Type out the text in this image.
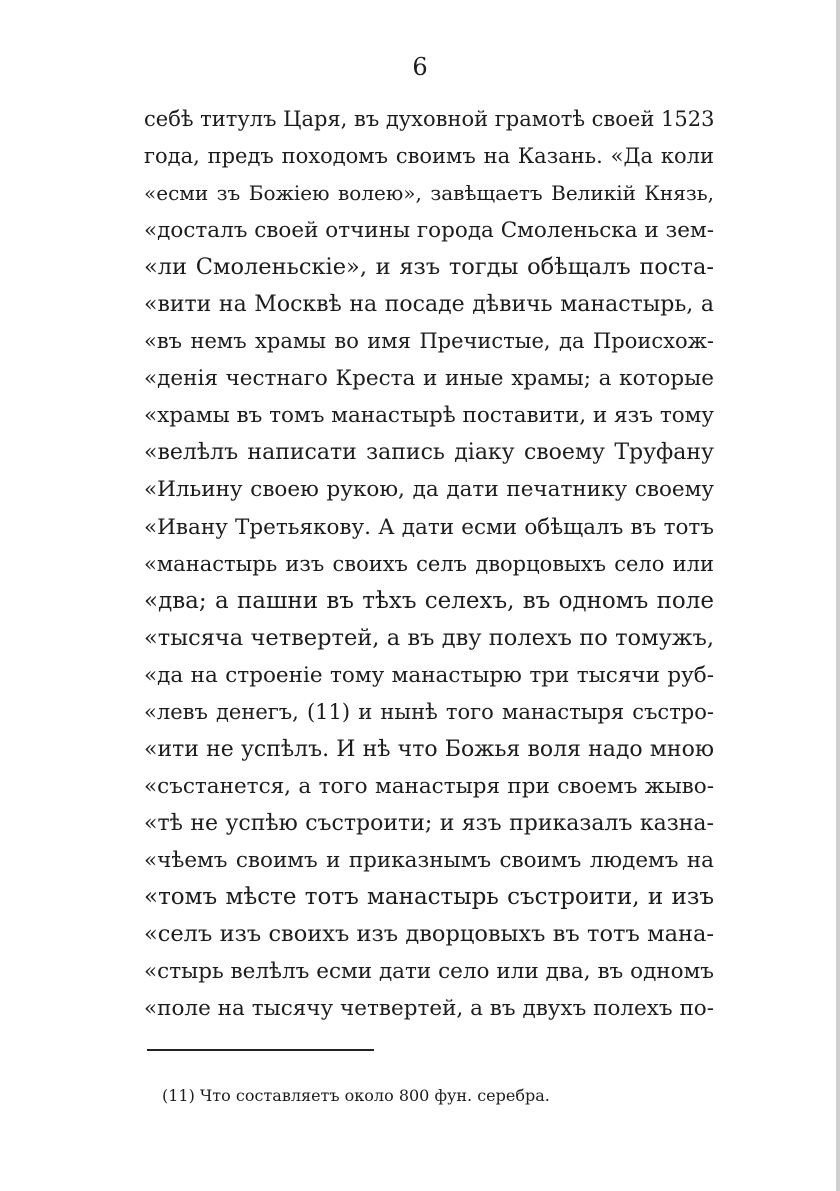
6
себѣ титулъ Царя, въ духовной грамотѣ своей 1523
года, предъ походомъ своимъ на Казань. «Да коли
«есми зъ Божіею волею», завѣщаетъ Великій Князь,
«досталъ своей отчины города Смоленьска и зем-
«ли Смоленьскіе», и язъ тогды обѣщалъ поста-
«вити на Москвѣ на посаде дѣвичь манастырь, а
«въ немъ храмы во имя Пречистые, да Происхож-
«денія честнаго Креста и иные храмы; а которые
«храмы въ томъ манастырѣ поставити, и язъ тому
«велѣлъ написати запись діаку своему Труфану
«Ильину своею рукою, да дати печатнику своему
«Ивану Третьякову. А дати есми обѣщалъ въ тотъ
«манастырь изъ своихъ селъ дворцовыхъ село или
«два; а пашни въ тѣхъ селехъ, въ одномъ поле
«тысяча четвертей, а въ дву полехъ по томужъ,
«да на строеніе тому манастырю три тысячи руб-
«левъ денегъ, (11) и нынѣ того манастыря състро-
«ити не успѣлъ. И нѣ что Божья воля надо мною
«състанется, а того манастыря при своемъ жыво-
«тѣ не успѣю състроити; и язъ приказалъ казна-
«чѣемъ своимъ и приказнымъ своимъ людемъ на
«томъ мѣсте тотъ манастырь състроити, и изъ
«селъ изъ своихъ изъ дворцовыхъ въ тотъ мана-
«стырь велѣлъ есми дати село или два, въ одномъ
«поле на тысячу четвертей, а въ двухъ полехъ по-
(11) Что составляетъ около 800 фун. серебра.
